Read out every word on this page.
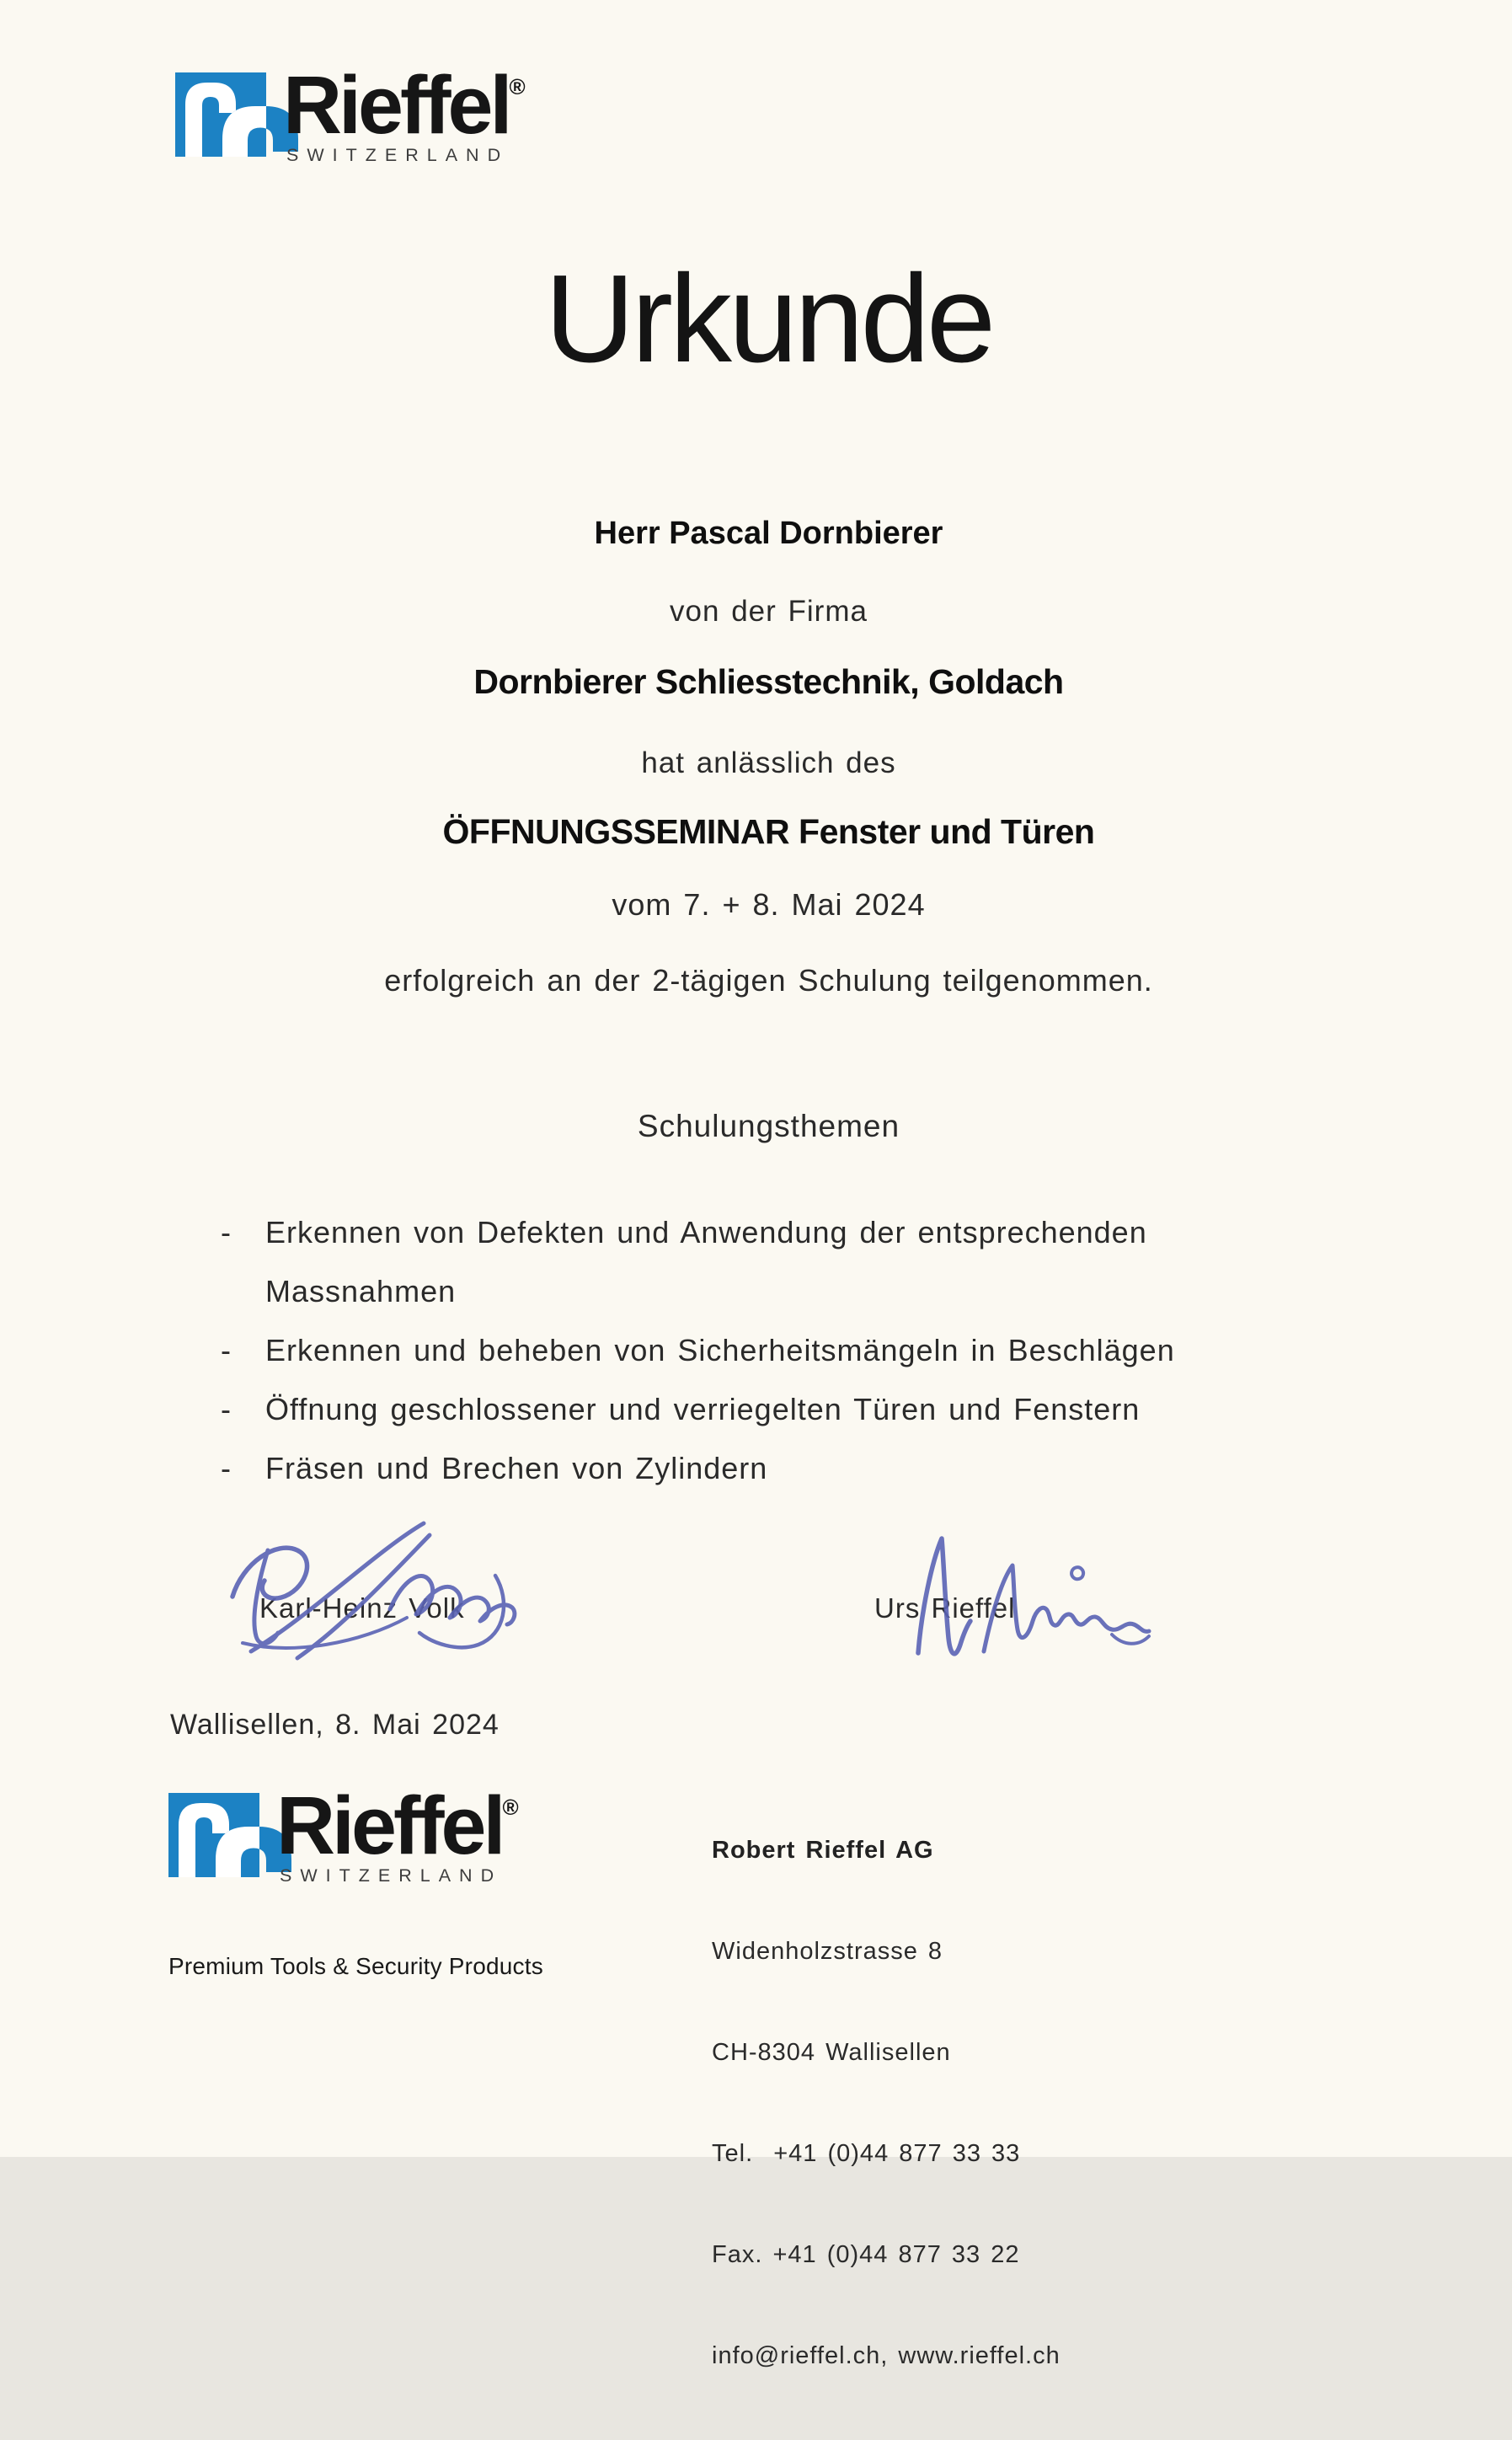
Rieffel®
SWITZERLAND
Urkunde
Herr Pascal Dornbierer
von der Firma
Dornbierer Schliesstechnik, Goldach
hat anlässlich des
ÖFFNUNGSSEMINAR Fenster und Türen
vom 7. + 8. Mai 2024
erfolgreich an der 2-tägigen Schulung teilgenommen.
Schulungsthemen
- Erkennen von Defekten und Anwendung der entsprechenden
Massnahmen
- Erkennen und beheben von Sicherheitsmängeln in Beschlägen
- Öffnung geschlossener und verriegelten Türen und Fenstern
- Fräsen und Brechen von Zylindern
Karl-Heinz Volk	Urs Rieffel
Wallisellen, 8. Mai 2024
Rieffel®
SWITZERLAND
Premium Tools & Security Products

Robert Rieffel AG

Widenholzstrasse 8

CH-8304 Wallisellen

Tel.  +41 (0)44 877 33 33

Fax. +41 (0)44 877 33 22

info@rieffel.ch, www.rieffel.ch
